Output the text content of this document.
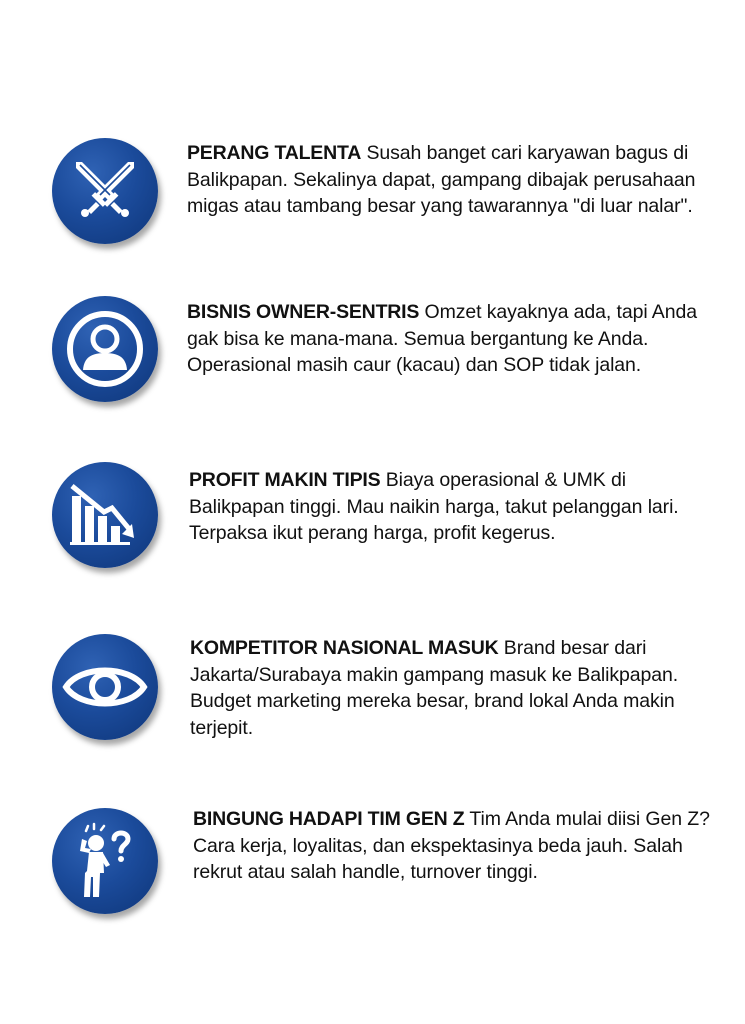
PERANG TALENTA Susah banget cari karyawan bagus di Balikpapan. Sekalinya dapat, gampang dibajak perusahaan migas atau tambang besar yang tawarannya "di luar nalar".
BISNIS OWNER-SENTRIS Omzet kayaknya ada, tapi Anda gak bisa ke mana-mana. Semua bergantung ke Anda. Operasional masih caur (kacau) dan SOP tidak jalan.
PROFIT MAKIN TIPIS Biaya operasional & UMK di Balikpapan tinggi. Mau naikin harga, takut pelanggan lari. Terpaksa ikut perang harga, profit kegerus.
KOMPETITOR NASIONAL MASUK Brand besar dari Jakarta/Surabaya makin gampang masuk ke Balikpapan. Budget marketing mereka besar, brand lokal Anda makin terjepit.
BINGUNG HADAPI TIM GEN Z Tim Anda mulai diisi Gen Z? Cara kerja, loyalitas, dan ekspektasinya beda jauh. Salah rekrut atau salah handle, turnover tinggi.
